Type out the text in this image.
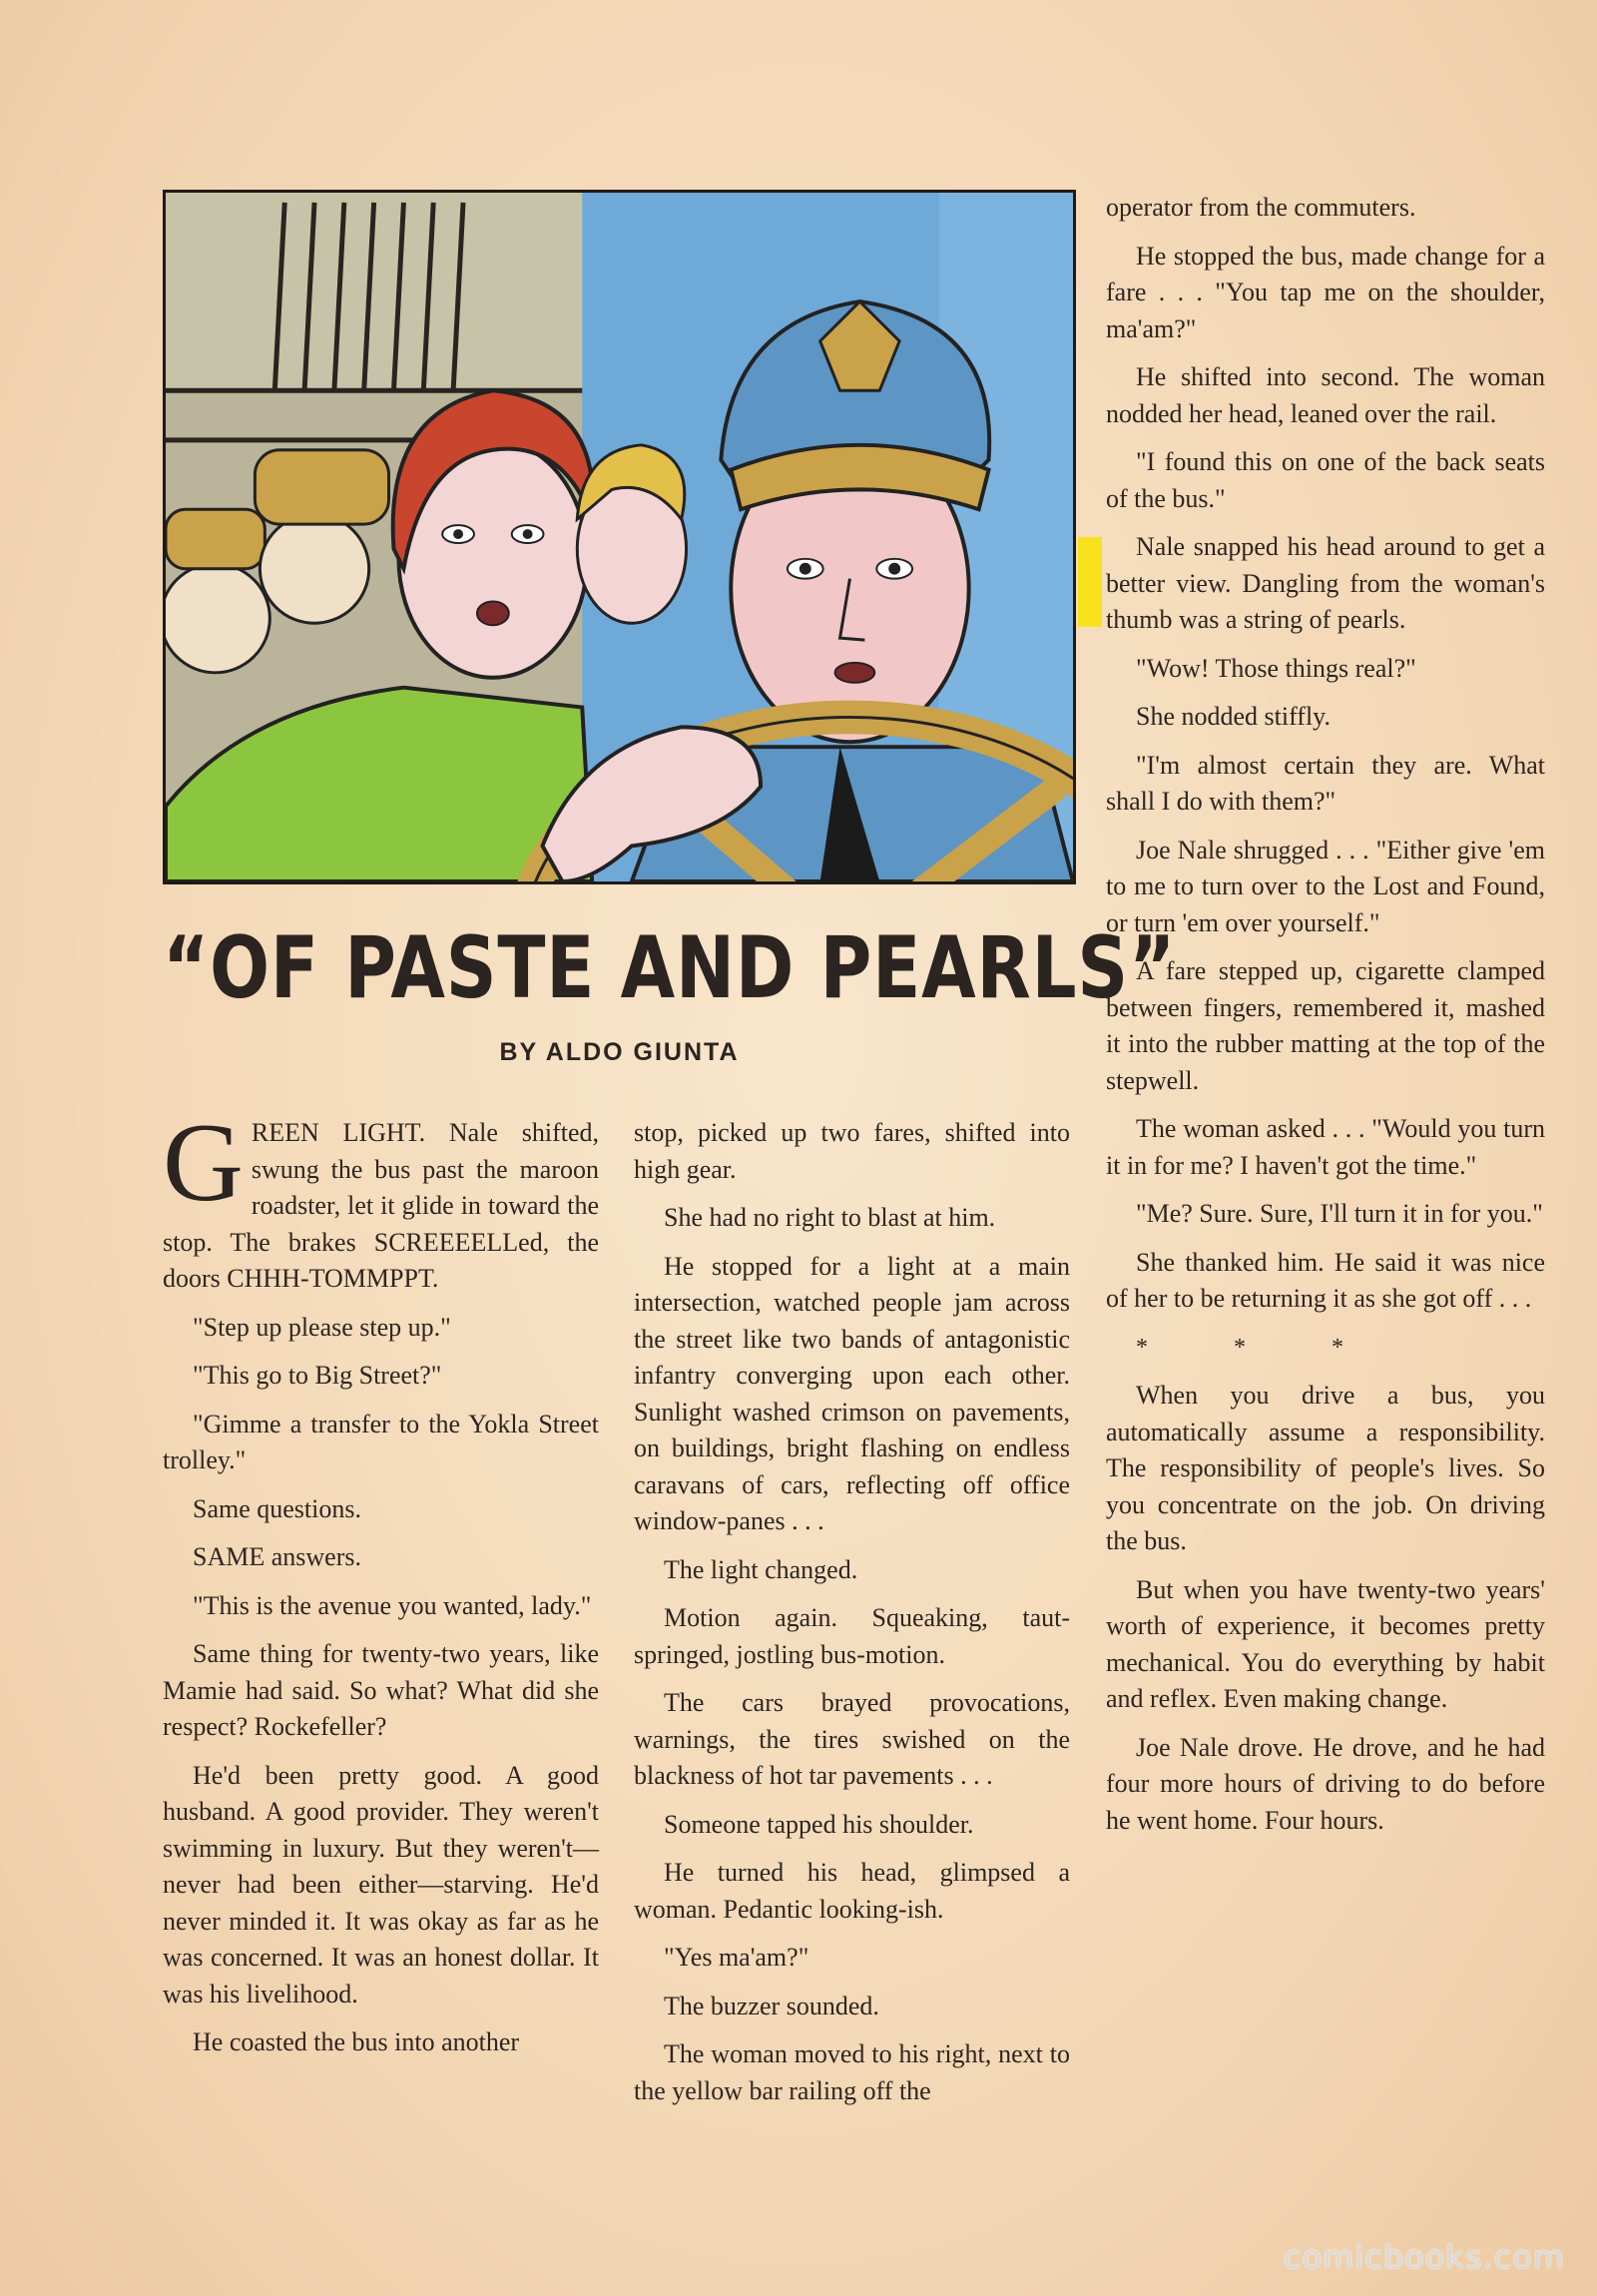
“OF PASTE AND PEARLS”
BY ALDO GIUNTA

GREEN LIGHT. Nale shifted, swung the bus past the maroon roadster, let it glide in toward the stop. The brakes SCREEEELLed, the doors CHHH-TOMMPPT.

"Step up please step up."

"This go to Big Street?"

"Gimme a transfer to the Yokla Street trolley."

Same questions.

SAME answers.

"This is the avenue you wanted, lady."

Same thing for twenty-two years, like Mamie had said. So what? What did she respect? Rockefeller?

He'd been pretty good. A good husband. A good provider. They weren't swimming in luxury. But they weren't—never had been either—starving. He'd never minded it. It was okay as far as he was concerned. It was an honest dollar. It was his livelihood.

He coasted the bus into another

stop, picked up two fares, shifted into high gear.

She had no right to blast at him.

He stopped for a light at a main intersection, watched people jam across the street like two bands of antagonistic infantry converging upon each other. Sunlight washed crimson on pavements, on buildings, bright flashing on endless caravans of cars, reflecting off office window-panes . . .

The light changed.

Motion again. Squeaking, taut-springed, jostling bus-motion.

The cars brayed provocations, warnings, the tires swished on the blackness of hot tar pavements . . .

Someone tapped his shoulder.

He turned his head, glimpsed a woman. Pedantic looking-ish.

"Yes ma'am?"

The buzzer sounded.

The woman moved to his right, next to the yellow bar railing off the

operator from the commuters.

He stopped the bus, made change for a fare . . . "You tap me on the shoulder, ma'am?"

He shifted into second. The woman nodded her head, leaned over the rail.

"I found this on one of the back seats of the bus."

Nale snapped his head around to get a better view. Dangling from the woman's thumb was a string of pearls.

"Wow! Those things real?"

She nodded stiffly.

"I'm almost certain they are. What shall I do with them?"

Joe Nale shrugged . . . "Either give 'em to me to turn over to the Lost and Found, or turn 'em over yourself."

A fare stepped up, cigarette clamped between fingers, remembered it, mashed it into the rubber matting at the top of the stepwell.

The woman asked . . . "Would you turn it in for me? I haven't got the time."

"Me? Sure. Sure, I'll turn it in for you."

She thanked him. He said it was nice of her to be returning it as she got off . . .

* * *

When you drive a bus, you automatically assume a responsibility. The responsibility of people's lives. So you concentrate on the job. On driving the bus.

But when you have twenty-two years' worth of experience, it becomes pretty mechanical. You do everything by habit and reflex. Even making change.

Joe Nale drove. He drove, and he had four more hours of driving to do before he went home. Four hours.

comicbooks.com
